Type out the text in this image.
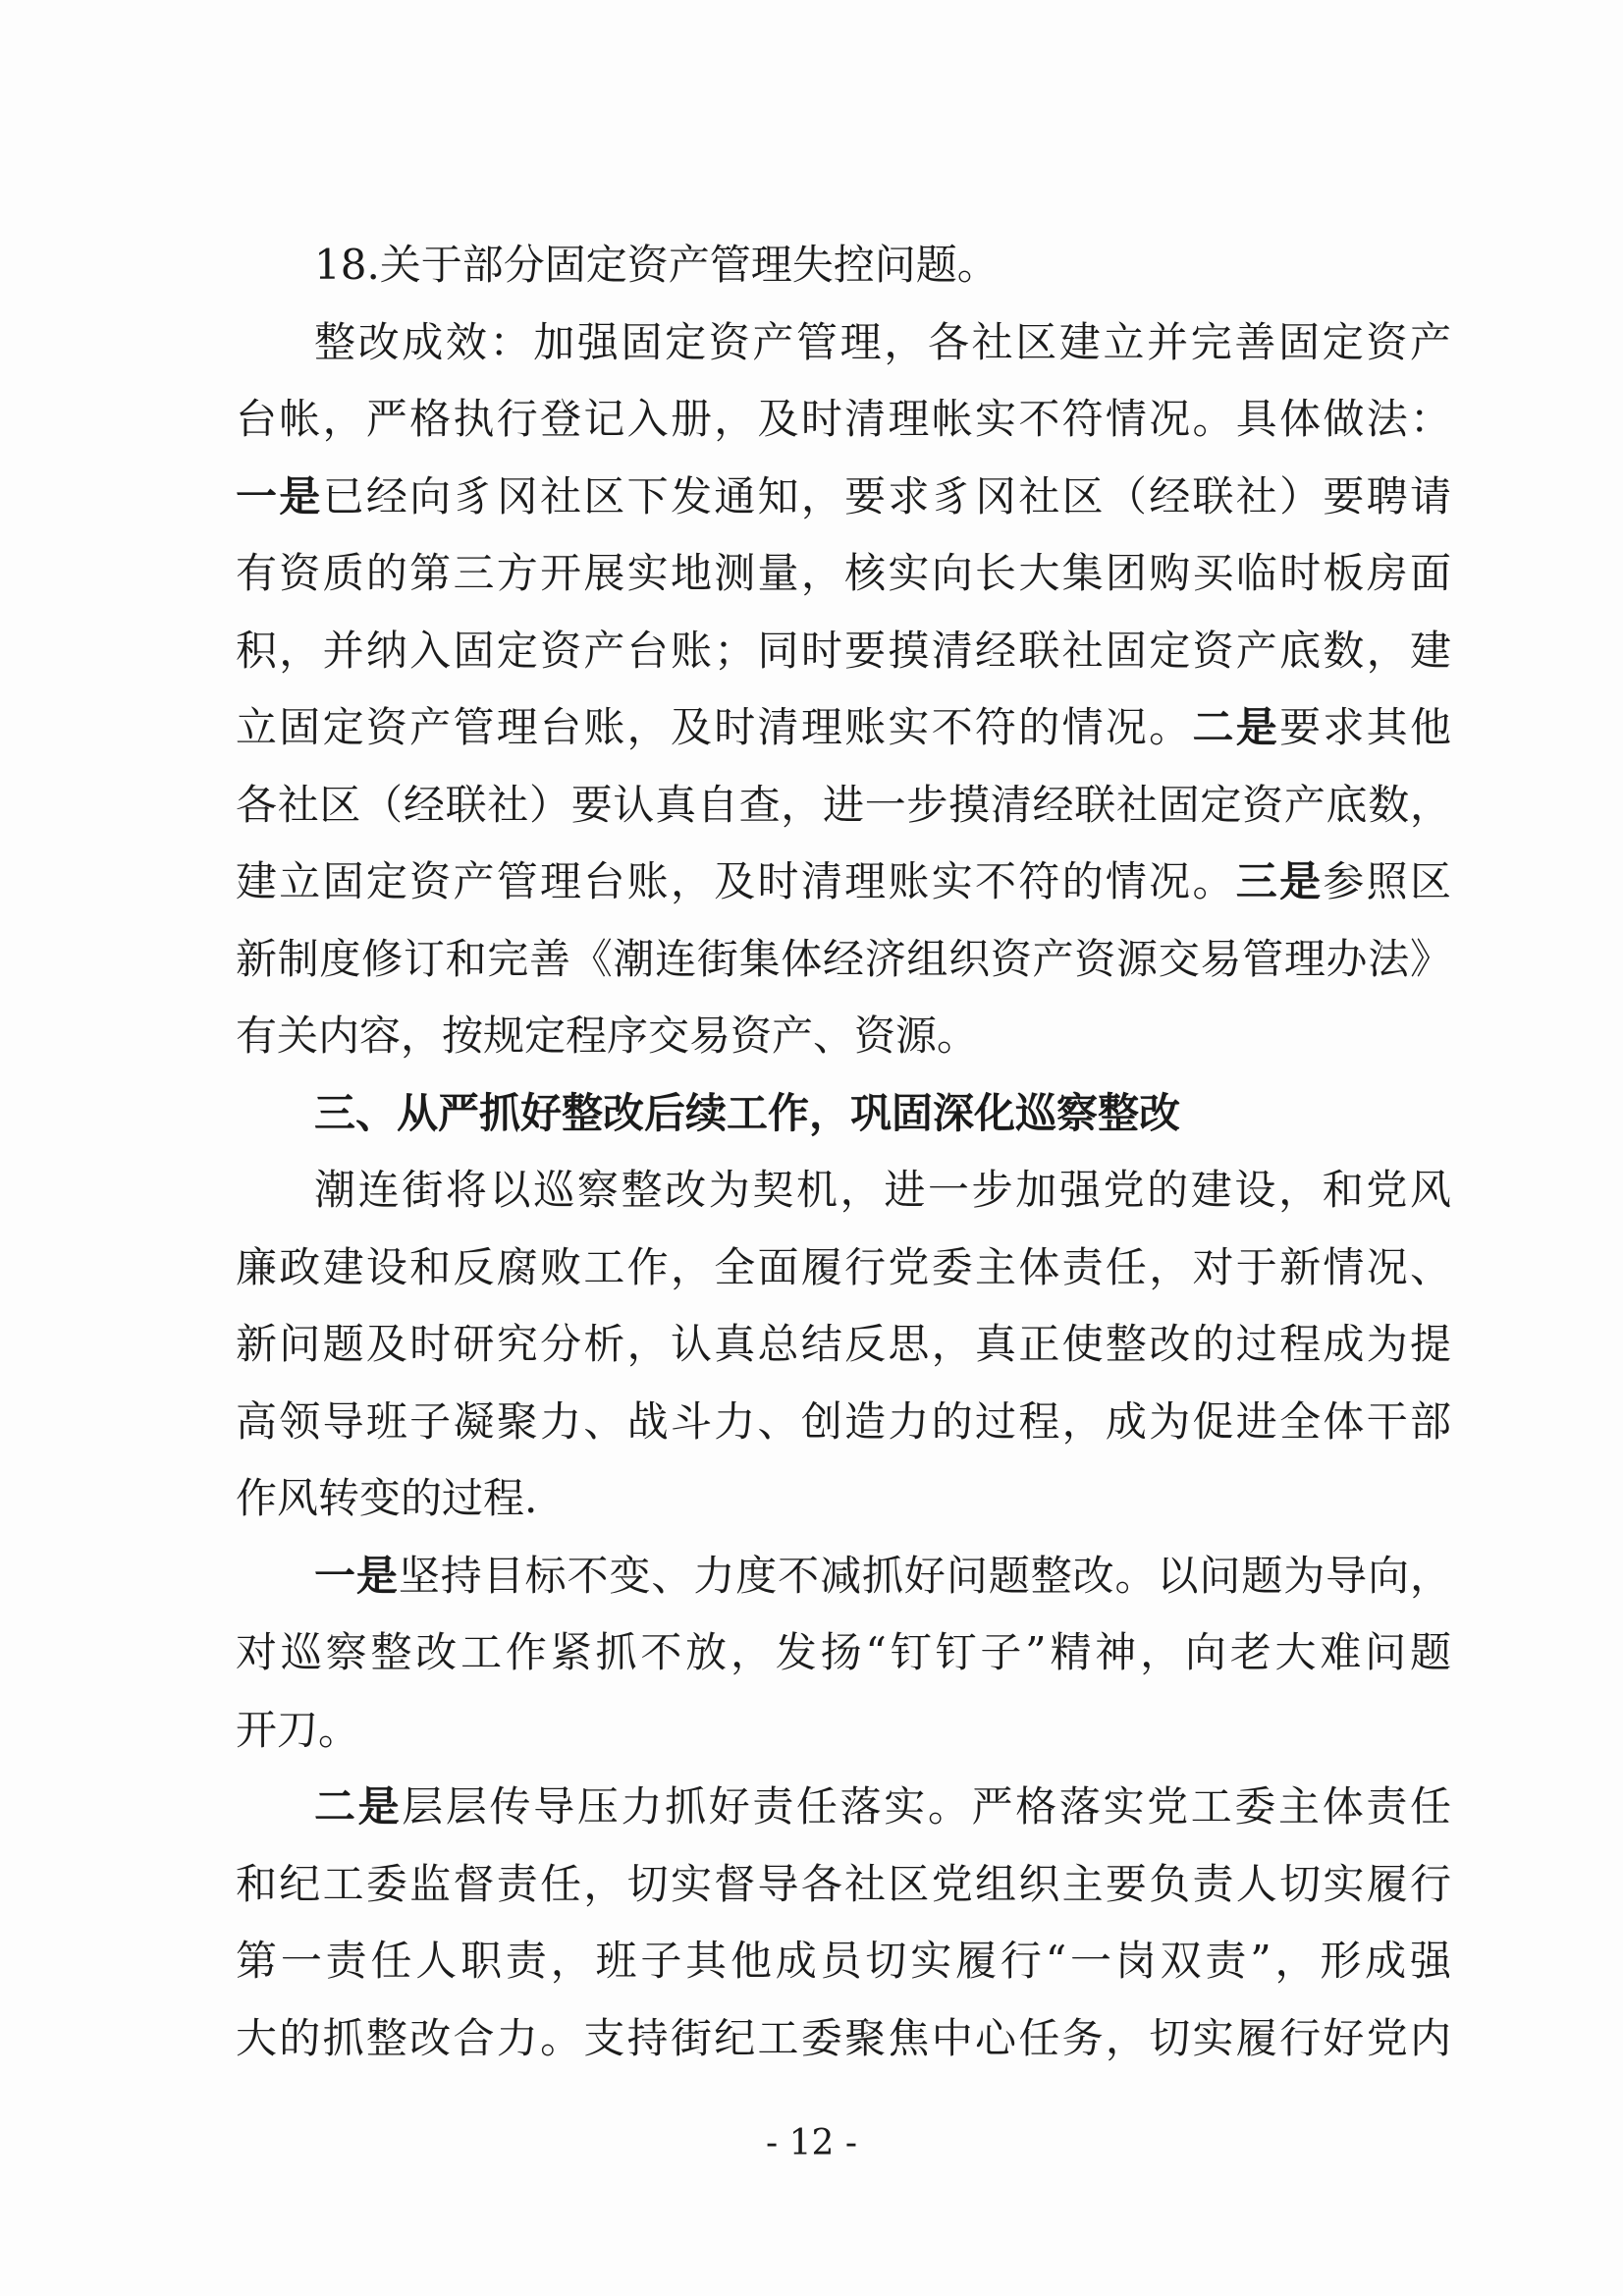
18.关于部分固定资产管理失控问题。
整改成效：加强固定资产管理，各社区建立并完善固定资产
台帐，严格执行登记入册，及时清理帐实不符情况。具体做法：
一是已经向豸冈社区下发通知，要求豸冈社区（经联社）要聘请
有资质的第三方开展实地测量，核实向长大集团购买临时板房面
积，并纳入固定资产台账；同时要摸清经联社固定资产底数，建
立固定资产管理台账，及时清理账实不符的情况。二是要求其他
各社区（经联社）要认真自查，进一步摸清经联社固定资产底数，
建立固定资产管理台账，及时清理账实不符的情况。三是参照区
新制度修订和完善《潮连街集体经济组织资产资源交易管理办法》
有关内容，按规定程序交易资产、资源。
三、从严抓好整改后续工作，巩固深化巡察整改
潮连街将以巡察整改为契机，进一步加强党的建设，和党风
廉政建设和反腐败工作，全面履行党委主体责任，对于新情况、
新问题及时研究分析，认真总结反思，真正使整改的过程成为提
高领导班子凝聚力、战斗力、创造力的过程，成为促进全体干部
作风转变的过程.
一是坚持目标不变、力度不减抓好问题整改。以问题为导向，
对巡察整改工作紧抓不放，发扬“钉钉子”精神，向老大难问题
开刀。
二是层层传导压力抓好责任落实。严格落实党工委主体责任
和纪工委监督责任，切实督导各社区党组织主要负责人切实履行
第一责任人职责，班子其他成员切实履行“一岗双责”，形成强
大的抓整改合力。支持街纪工委聚焦中心任务，切实履行好党内
- 12 -
